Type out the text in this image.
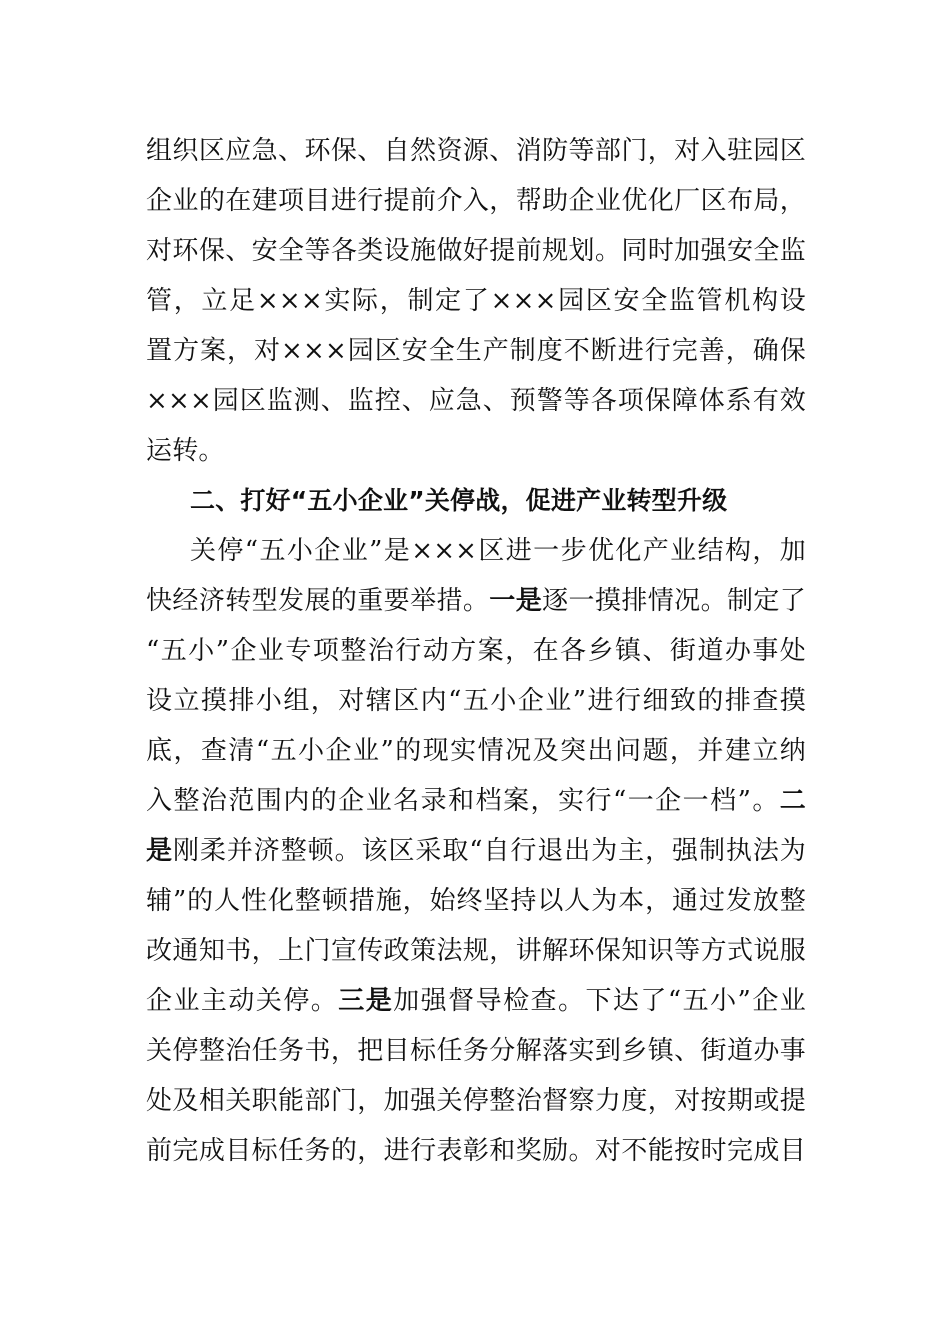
组织区应急、环保、自然资源、消防等部门，对入驻园区
企业的在建项目进行提前介入，帮助企业优化厂区布局，
对环保、安全等各类设施做好提前规划。同时加强安全监
管，立足×××实际，制定了×××园区安全监管机构设
置方案，对×××园区安全生产制度不断进行完善，确保
×××园区监测、监控、应急、预警等各项保障体系有效
运转。
二、打好“五小企业”关停战，促进产业转型升级
关停“五小企业”是×××区进一步优化产业结构，加
快经济转型发展的重要举措。一是逐一摸排情况。制定了
“五小”企业专项整治行动方案，在各乡镇、街道办事处
设立摸排小组，对辖区内“五小企业”进行细致的排查摸
底，查清“五小企业”的现实情况及突出问题，并建立纳
入整治范围内的企业名录和档案，实行“一企一档”。二
是刚柔并济整顿。该区采取“自行退出为主，强制执法为
辅”的人性化整顿措施，始终坚持以人为本，通过发放整
改通知书，上门宣传政策法规，讲解环保知识等方式说服
企业主动关停。三是加强督导检查。下达了“五小”企业
关停整治任务书，把目标任务分解落实到乡镇、街道办事
处及相关职能部门，加强关停整治督察力度，对按期或提
前完成目标任务的，进行表彰和奖励。对不能按时完成目
